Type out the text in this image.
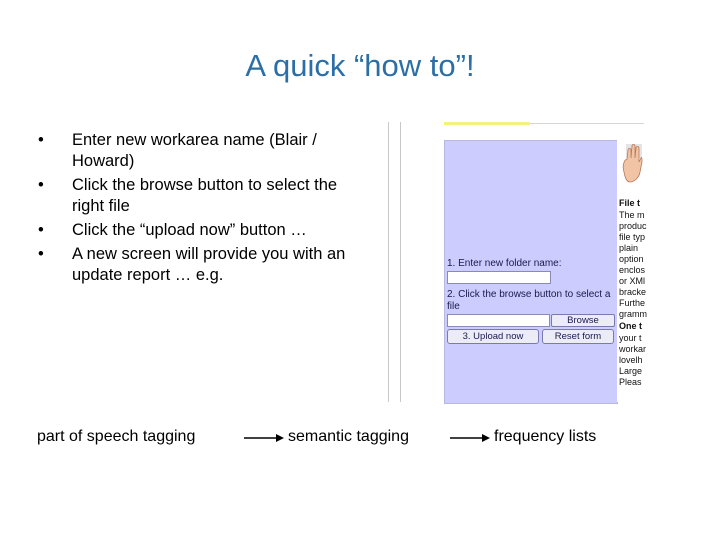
A quick “how to”!
• Enter new workarea name (Blair / Howard)
• Click the browse button to select the right file
• Click the “upload now” button …
• A new screen will provide you with an update report … e.g.
1. Enter new folder name:
2. Click the browse button to select a
file
Browse
3. Upload now	Reset form
File t
The m
produc
file typ
plain
option
enclos
or XMl
bracke
Furthe
gramm
One t
your t
workar
lovelh
Large
Pleas
part of speech tagging	semantic tagging	frequency lists
